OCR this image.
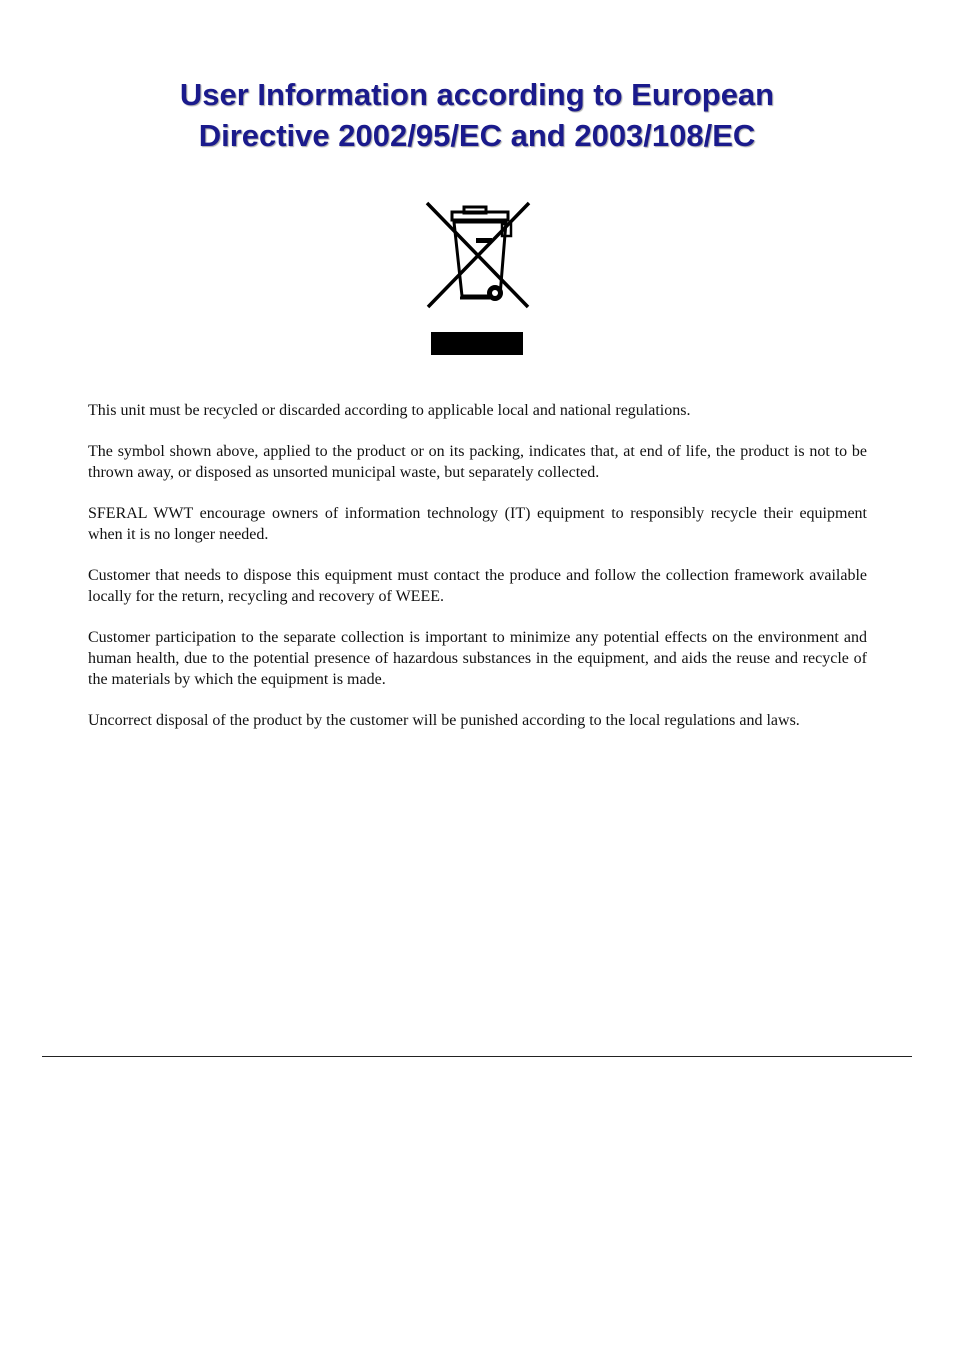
User Information according to European
Directive 2002/95/EC and 2003/108/EC

This unit must be recycled or discarded according to applicable local and national regulations.

The symbol shown above, applied to the product or on its packing, indicates that, at end of life, the product is not to be thrown away, or disposed as unsorted municipal waste, but separately collected.

SFERAL WWT encourage owners of information technology (IT) equipment to responsibly recycle their equipment when it is no longer needed.

Customer that needs to dispose this equipment must contact the produce and follow the collection framework available locally for the return, recycling and recovery of WEEE.

Customer participation to the separate collection is important to minimize any potential effects on the environment and human health, due to the potential presence of hazardous substances in the equipment, and aids the reuse and recycle of the materials by which the equipment is made.

Uncorrect disposal of the product by the customer will be punished according to the local regulations and laws.
